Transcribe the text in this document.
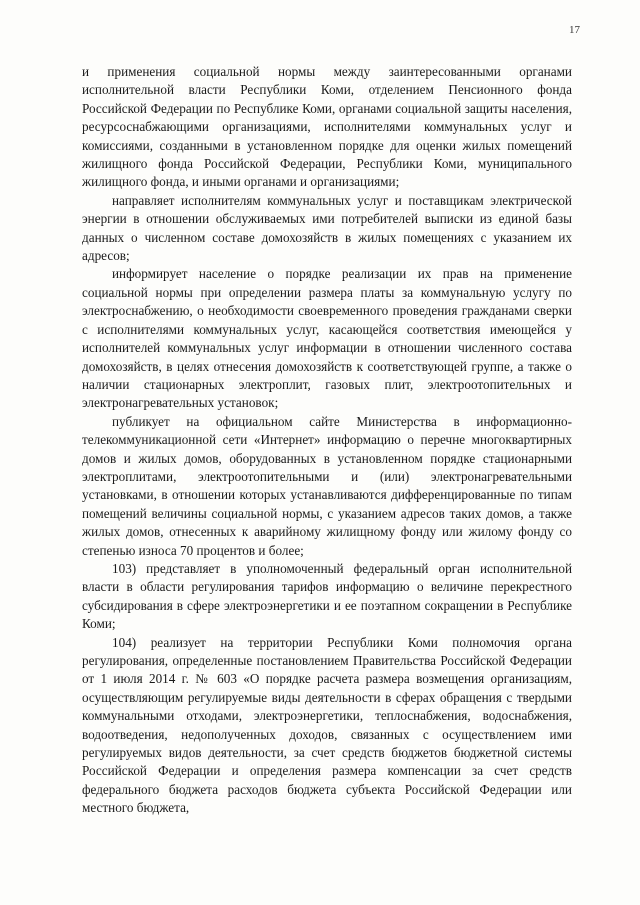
17

и применения социальной нормы между заинтересованными органами исполнительной власти Республики Коми, отделением Пенсионного фонда Российской Федерации по Республике Коми, органами социальной защиты населения, ресурсоснабжающими организациями, исполнителями коммунальных услуг и комиссиями, созданными в установленном порядке для оценки жилых помещений жилищного фонда Российской Федерации, Республики Коми, муниципального жилищного фонда, и иными органами и организациями;

направляет исполнителям коммунальных услуг и поставщикам электрической энергии в отношении обслуживаемых ими потребителей выписки из единой базы данных о численном составе домохозяйств в жилых помещениях с указанием их адресов;

информирует население о порядке реализации их прав на применение социальной нормы при определении размера платы за коммунальную услугу по электроснабжению, о необходимости своевременного проведения гражданами сверки с исполнителями коммунальных услуг, касающейся соответствия имеющейся у исполнителей коммунальных услуг информации в отношении численного состава домохозяйств, в целях отнесения домохозяйств к соответствующей группе, а также о наличии стационарных электроплит, газовых плит, электроотопительных и электронагревательных установок;

публикует на официальном сайте Министерства в информационно-телекоммуникационной сети «Интернет» информацию о перечне многоквартирных домов и жилых домов, оборудованных в установленном порядке стационарными электроплитами, электроотопительными и (или) электронагревательными установками, в отношении которых устанавливаются дифференцированные по типам помещений величины социальной нормы, с указанием адресов таких домов, а также жилых домов, отнесенных к аварийному жилищному фонду или жилому фонду со степенью износа 70 процентов и более;

103) представляет в уполномоченный федеральный орган исполнительной власти в области регулирования тарифов информацию о величине перекрестного субсидирования в сфере электроэнергетики и ее поэтапном сокращении в Республике Коми;

104) реализует на территории Республики Коми полномочия органа регулирования, определенные постановлением Правительства Российской Федерации от 1 июля 2014 г. № 603 «О порядке расчета размера возмещения организациям, осуществляющим регулируемые виды деятельности в сферах обращения с твердыми коммунальными отходами, электроэнергетики, теплоснабжения, водоснабжения, водоотведения, недополученных доходов, связанных с осуществлением ими регулируемых видов деятельности, за счет средств бюджетов бюджетной системы Российской Федерации и определения размера компенсации за счет средств федерального бюджета расходов бюджета субъекта Российской Федерации или местного бюджета,
